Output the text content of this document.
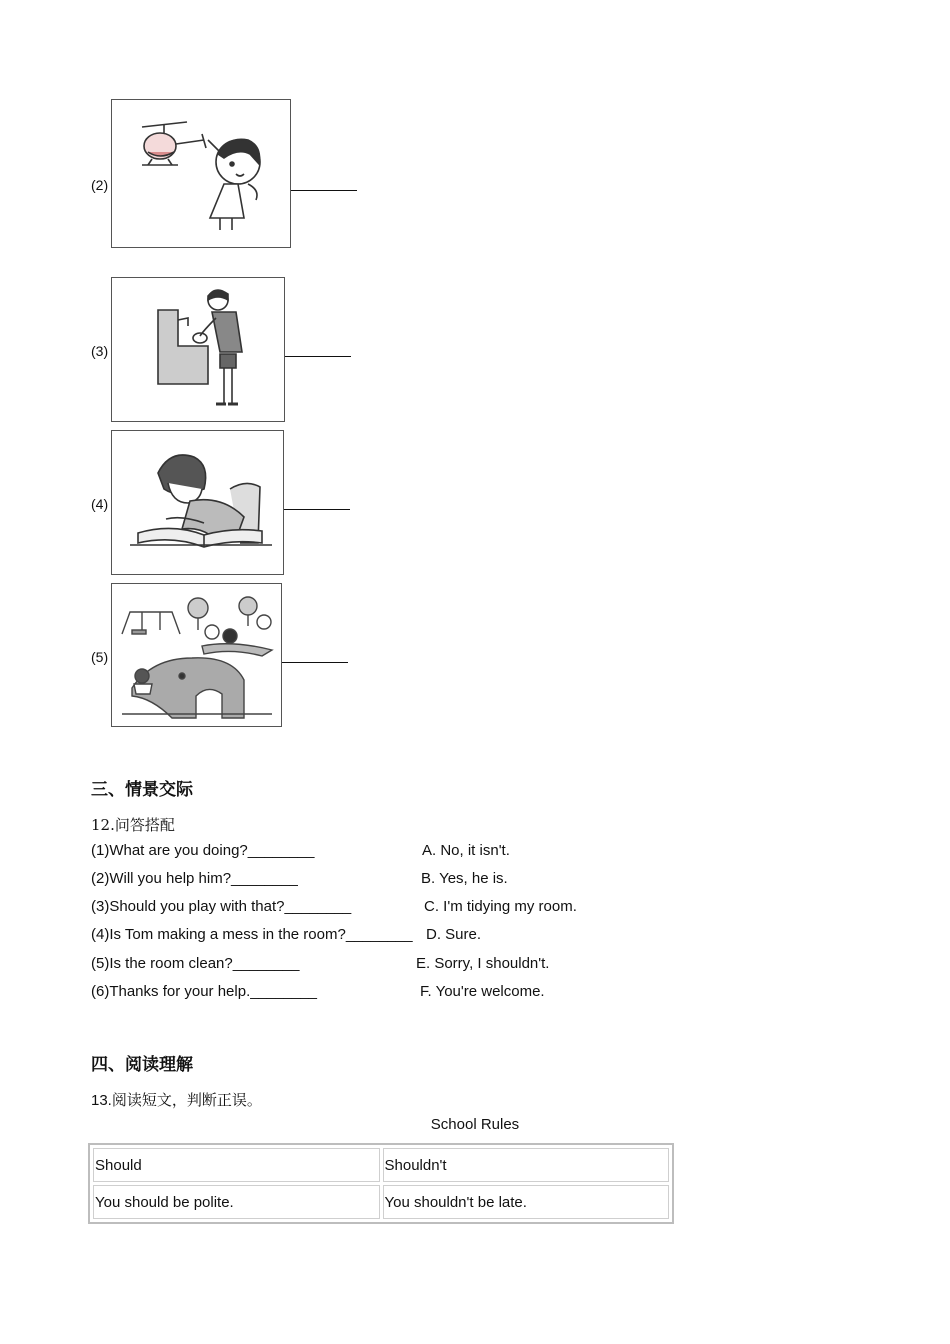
(2)
(3)
(4)
(5)
三、情景交际
12.问答搭配
(1)What are you doing?________	A. No, it isn't.
(2)Will you help him?________	B. Yes, he is.
(3)Should you play with that?________	C. I'm tidying my room.
(4)Is Tom making a mess in the room?________ D. Sure.
(5)Is the room clean?________	E. Sorry, I shouldn't.
(6)Thanks for your help.________	F. You're welcome.
四、阅读理解
13.阅读短文，判断正误。
School Rules
Should	Shouldn't
You should be polite.	You shouldn't be late.
